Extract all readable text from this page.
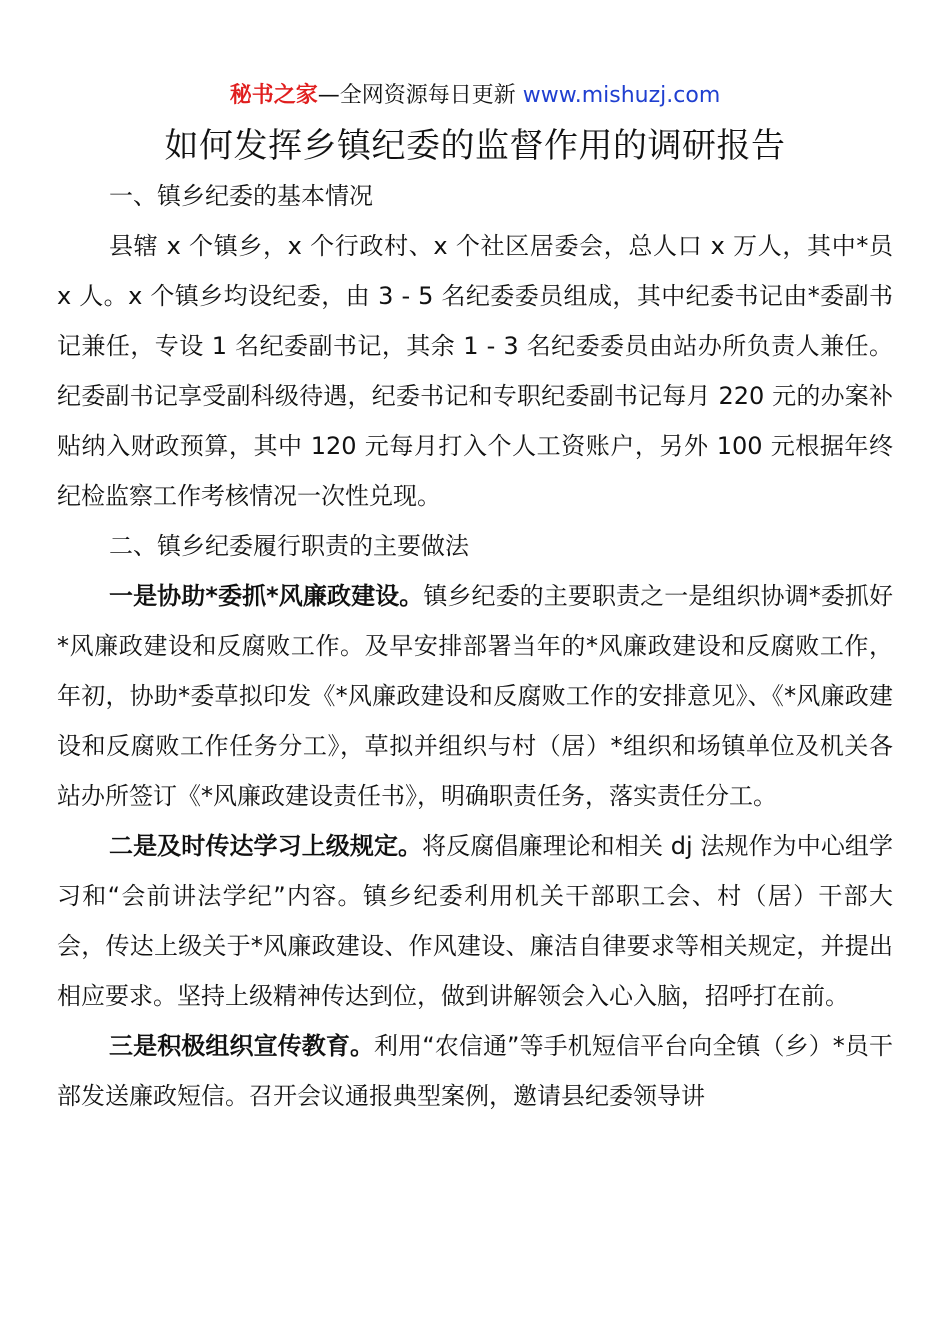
秘书之家—全网资源每日更新 www.mishuzj.com
如何发挥乡镇纪委的监督作用的调研报告

一、镇乡纪委的基本情况

县辖 x 个镇乡，x 个行政村、x 个社区居委会，总人口 x 万人，其中*员 x 人。x 个镇乡均设纪委，由 3 - 5 名纪委委员组成，其中纪委书记由*委副书记兼任，专设 1 名纪委副书记，其余 1 - 3 名纪委委员由站办所负责人兼任。纪委副书记享受副科级待遇，纪委书记和专职纪委副书记每月 220 元的办案补贴纳入财政预算，其中 120 元每月打入个人工资账户，另外 100 元根据年终纪检监察工作考核情况一次性兑现。

二、镇乡纪委履行职责的主要做法

一是协助*委抓*风廉政建设。镇乡纪委的主要职责之一是组织协调*委抓好*风廉政建设和反腐败工作。及早安排部署当年的*风廉政建设和反腐败工作，年初，协助*委草拟印发《*风廉政建设和反腐败工作的安排意见》、《*风廉政建设和反腐败工作任务分工》，草拟并组织与村（居）*组织和场镇单位及机关各站办所签订《*风廉政建设责任书》，明确职责任务，落实责任分工。

二是及时传达学习上级规定。将反腐倡廉理论和相关 dj 法规作为中心组学习和“会前讲法学纪”内容。镇乡纪委利用机关干部职工会、村（居）干部大会，传达上级关于*风廉政建设、作风建设、廉洁自律要求等相关规定，并提出相应要求。坚持上级精神传达到位，做到讲解领会入心入脑，招呼打在前。

三是积极组织宣传教育。利用“农信通”等手机短信平台向全镇（乡）*员干部发送廉政短信。召开会议通报典型案例，邀请县纪委领导讲
